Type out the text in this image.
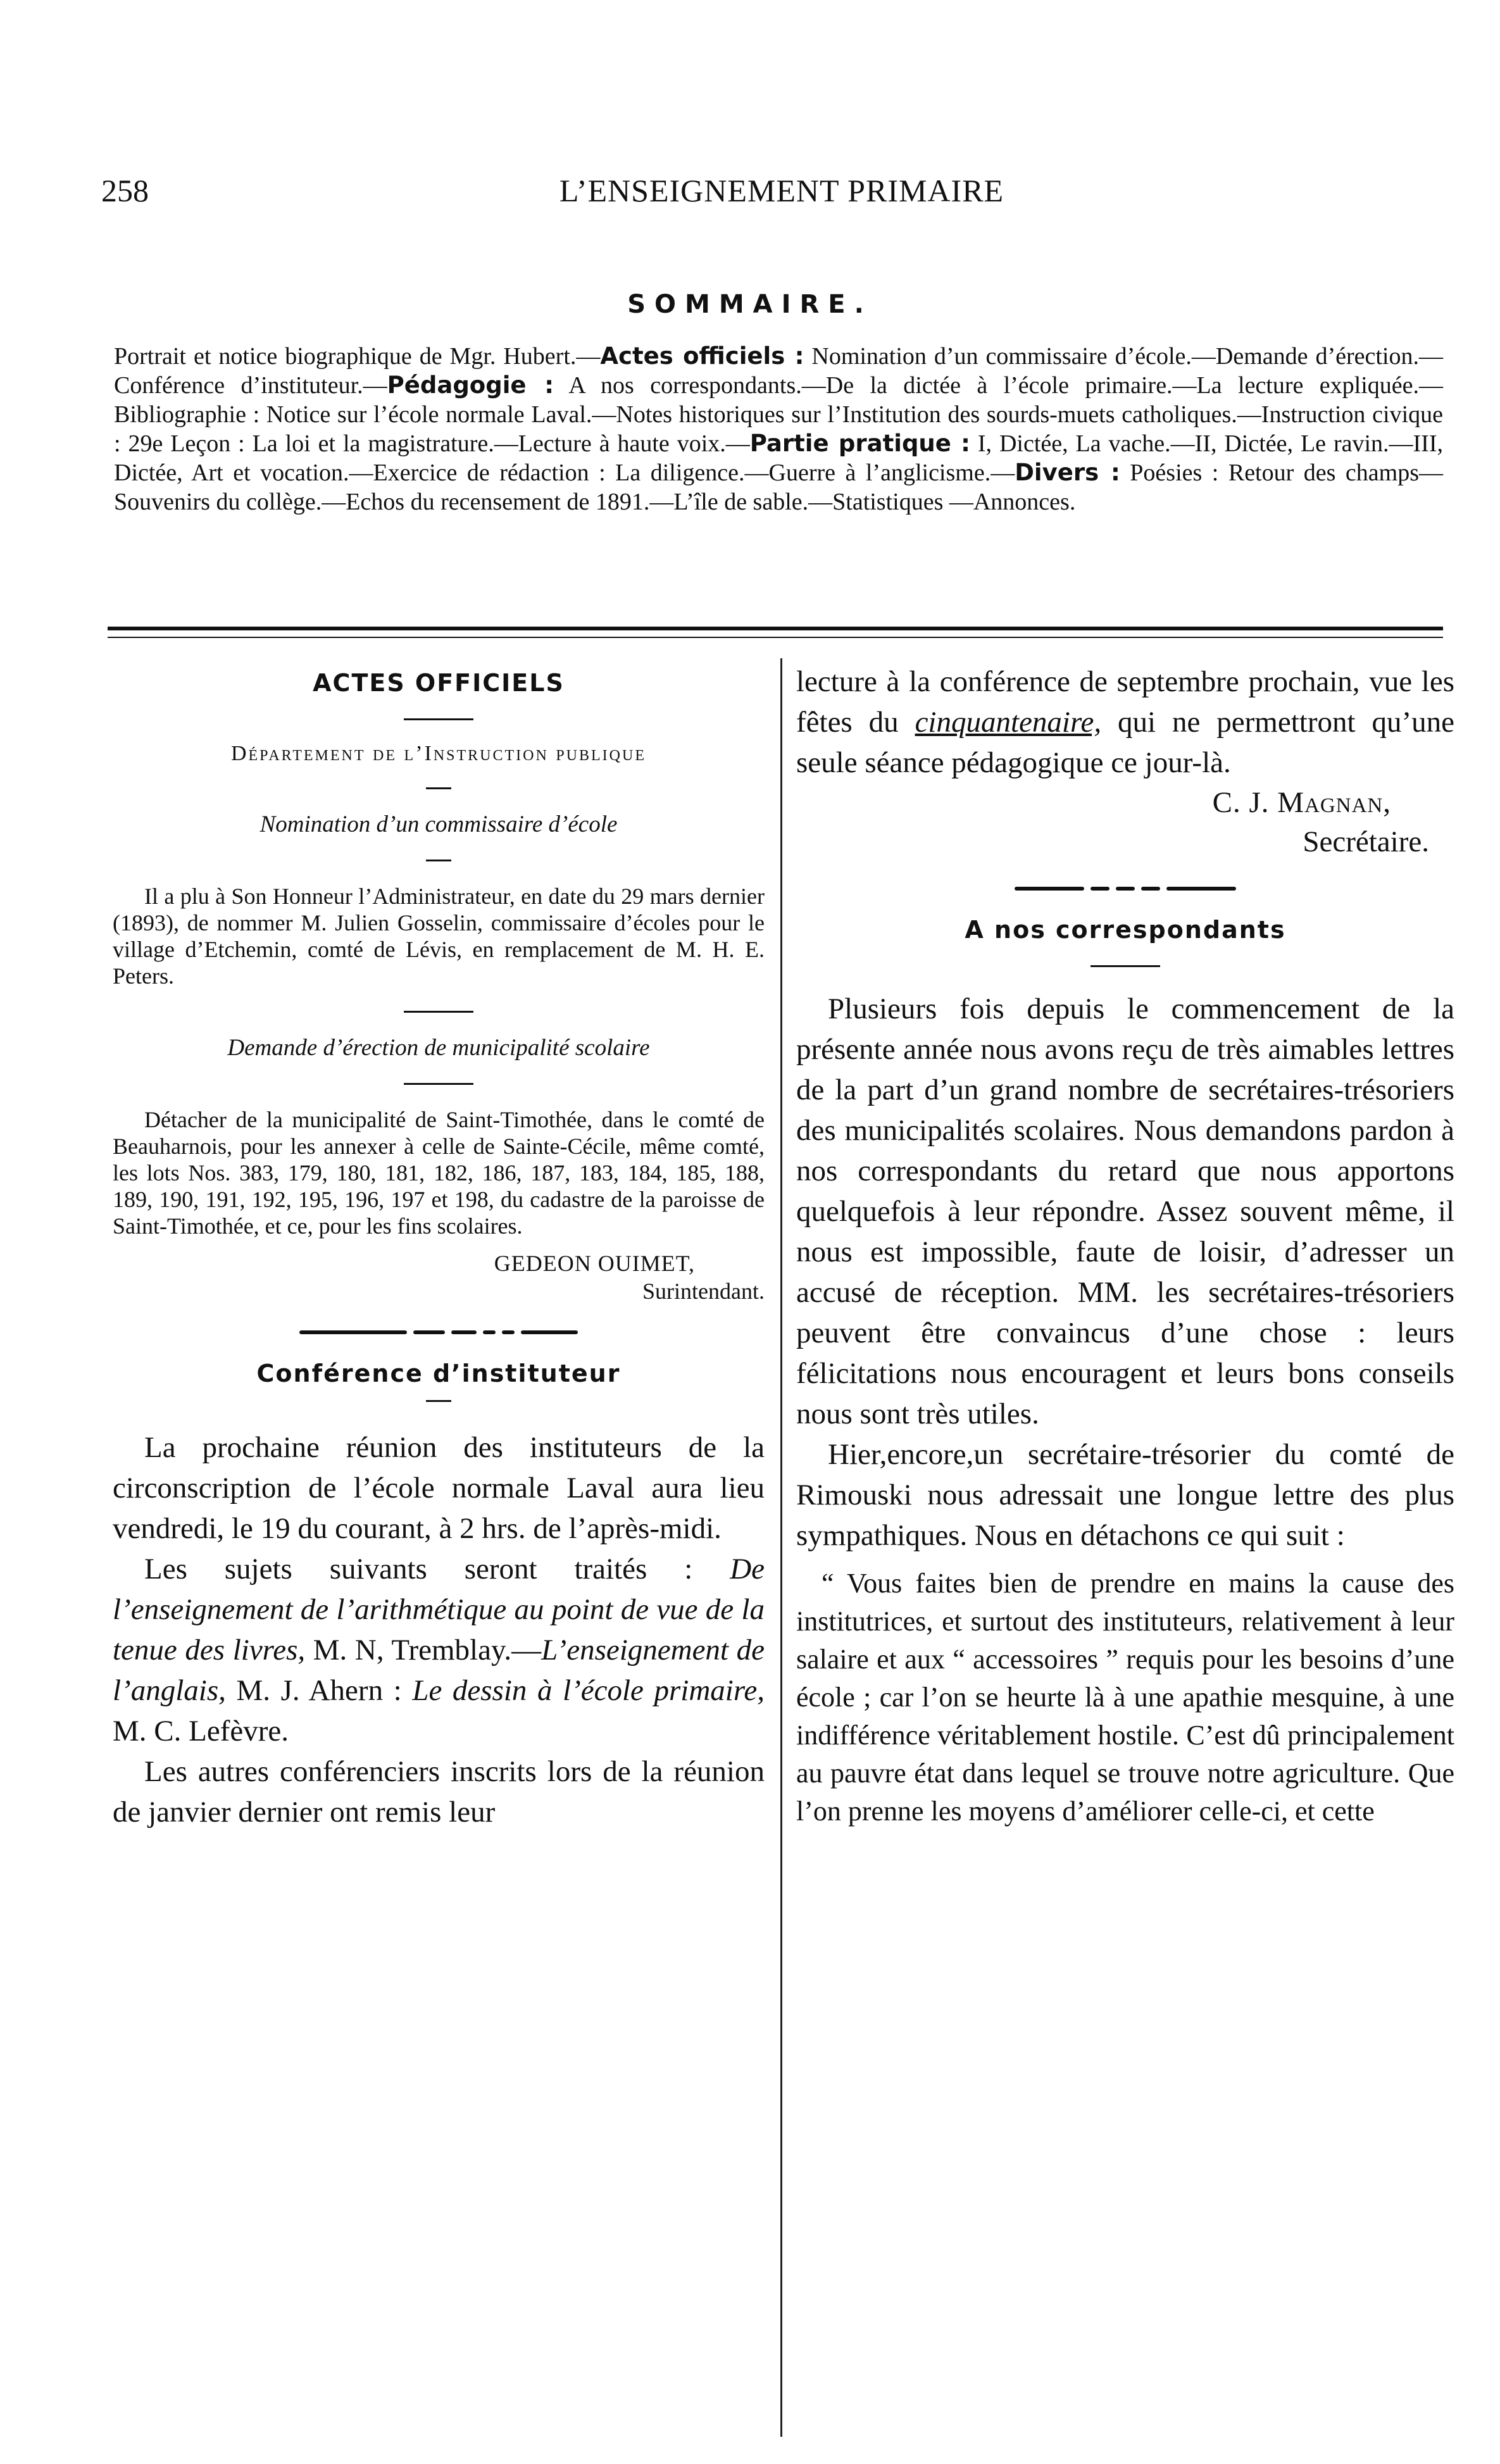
258	L’ENSEIGNEMENT PRIMAIRE
SOMMAIRE.
Portrait et notice biographique de Mgr. Hubert.—Actes officiels : Nomination d’un commissaire d’école.—Demande d’érection.—Conférence d’instituteur.—Pédagogie : A nos correspondants.—De la dictée à l’école primaire.—La lecture expliquée.—Bibliographie : Notice sur l’école normale Laval.—Notes historiques sur l’Institution des sourds-muets catholiques.—Instruction civique : 29e Leçon : La loi et la magistrature.—Lecture à haute voix.—Partie pratique : I, Dictée, La vache.—II, Dictée, Le ravin.—III, Dictée, Art et vocation.—Exercice de rédaction : La diligence.—Guerre à l’anglicisme.—Divers : Poésies : Retour des champs—Souvenirs du collège.—Echos du recensement de 1891.—L’île de sable.—Statistiques —Annonces.
ACTES OFFICIELS

Département de l’Instruction publique

Nomination d’un commissaire d’école

Il a plu à Son Honneur l’Administrateur, en date du 29 mars dernier (1893), de nommer M. Julien Gosselin, commissaire d’écoles pour le village d’Etchemin, comté de Lévis, en remplacement de M. H. E. Peters.

Demande d’érection de municipalité scolaire

Détacher de la municipalité de Saint-Timothée, dans le comté de Beauharnois, pour les annexer à celle de Sainte-Cécile, même comté, les lots Nos. 383, 179, 180, 181, 182, 186, 187, 183, 184, 185, 188, 189, 190, 191, 192, 195, 196, 197 et 198, du cadastre de la paroisse de Saint-Timothée, et ce, pour les fins scolaires.

GEDEON OUIMET,

Surintendant.

Conférence d’instituteur

La prochaine réunion des instituteurs de la circonscription de l’école normale Laval aura lieu vendredi, le 19 du courant, à 2 hrs. de l’après-midi.

Les sujets suivants seront traités : De l’enseignement de l’arithmétique au point de vue de la tenue des livres, M. N, Tremblay.—L’enseignement de l’anglais, M. J. Ahern : Le dessin à l’école primaire, M. C. Lefèvre.

Les autres conférenciers inscrits lors de la réunion de janvier dernier ont remis leur

lecture à la conférence de septembre prochain, vue les fêtes du cinquantenaire, qui ne permettront qu’une seule séance pédagogique ce jour-là.

C. J. Magnan,

Secrétaire.

A nos correspondants

Plusieurs fois depuis le commencement de la présente année nous avons reçu de très aimables lettres de la part d’un grand nombre de secrétaires-trésoriers des municipalités scolaires. Nous demandons pardon à nos correspondants du retard que nous apportons quelquefois à leur répondre. Assez souvent même, il nous est impossible, faute de loisir, d’adresser un accusé de réception. MM. les secrétaires-trésoriers peuvent être convaincus d’une chose : leurs félicitations nous encouragent et leurs bons conseils nous sont très utiles.

Hier,encore,un secrétaire-trésorier du comté de Rimouski nous adressait une longue lettre des plus sympathiques. Nous en détachons ce qui suit :

“ Vous faites bien de prendre en mains la cause des institutrices, et surtout des instituteurs, relativement à leur salaire et aux “ accessoires ” requis pour les besoins d’une école ; car l’on se heurte là à une apathie mesquine, à une indifférence véritablement hostile. C’est dû principalement au pauvre état dans lequel se trouve notre agriculture. Que l’on prenne les moyens d’améliorer celle-ci, et cette
